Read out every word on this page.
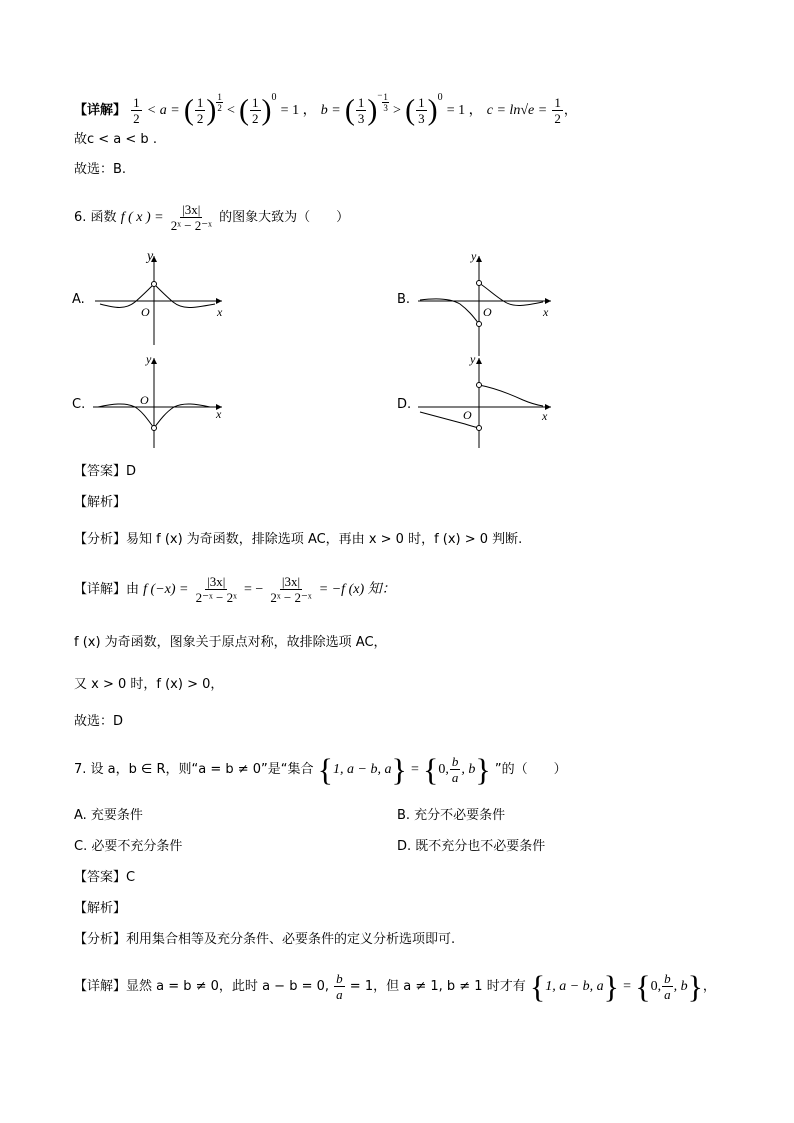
【详解】 $\frac{1}{2} < a$ = ( $\frac{1}{2}$ ) $\frac{1}{2}$ < ( $\frac{1}{2} )^0 = 1$ ， b = ( $\frac{1}{3} )^- \frac{1}{3}$ > ( $\frac{1}{3} )^0 = 1$ ， $c = \ln√e = \frac{1}{2}$ ，
故c < a < b .
故选：B.
6. 函数 f ( x ) = $\frac{|3x|}{\text{2ˣ − 2⁻ˣ}}$ 的图象大致为（　　）
A.	B.
C.	D.
y
x
O
y
x
O
y
x
O
y
x
O
【答案】D
【解析】
【分析】易知 f (x) 为奇函数，排除选项 AC，再由 x > 0 时，f (x) > 0 判断.
【详解】由 f $(-x) = \frac{|3x|}{\text{2⁻ˣ − 2ˣ}}$ = − $\frac{|3x|}{\text{2ˣ − 2⁻ˣ}} = -f$ (x) 知：
f (x) 为奇函数，图象关于原点对称，故排除选项 AC，
又 x > 0 时，f (x) > 0，
故选：D
7. 设 a，b ∈ R，则“a = b ≠ 0”是“集合 {1, a − b, a} = {0, $\frac{b}{a}$ , b} ”的（　　）
A. 充要条件	B. 充分不必要条件
C. 必要不充分条件	D. 既不充分也不必要条件
【答案】C
【解析】
【分析】利用集合相等及充分条件、必要条件的定义分析选项即可.
【详解】显然 a = b ≠ 0，此时 a − b = 0, $\frac{b}{a} = 1$，但 a ≠ 1, b ≠ 1 时才有 {1, a − b, a} = {0, $\frac{b}{a}$ , b}，
